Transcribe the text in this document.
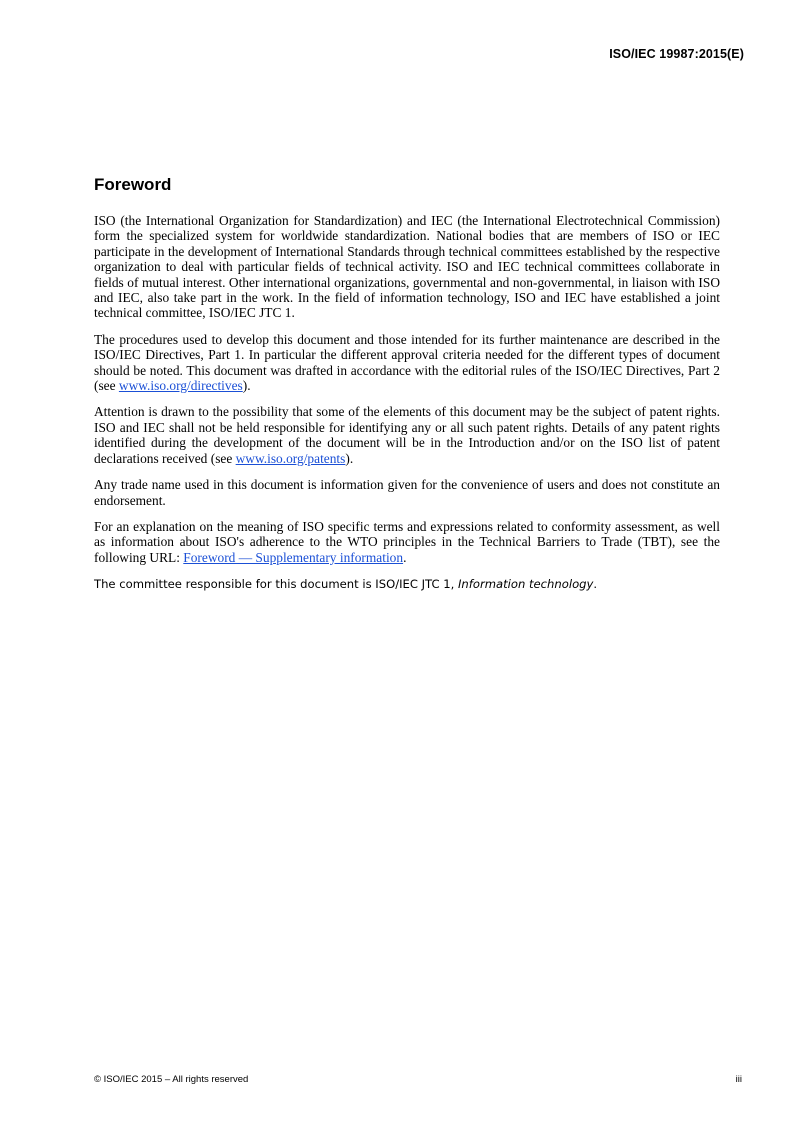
ISO/IEC 19987:2015(E)
Foreword

ISO (the International Organization for Standardization) and IEC (the International Electrotechnical Commission) form the specialized system for worldwide standardization. National bodies that are members of ISO or IEC participate in the development of International Standards through technical committees established by the respective organization to deal with particular fields of technical activity. ISO and IEC technical committees collaborate in fields of mutual interest. Other international organizations, governmental and non-governmental, in liaison with ISO and IEC, also take part in the work. In the field of information technology, ISO and IEC have established a joint technical committee, ISO/IEC JTC 1.

The procedures used to develop this document and those intended for its further maintenance are described in the ISO/IEC Directives, Part 1. In particular the different approval criteria needed for the different types of document should be noted. This document was drafted in accordance with the editorial rules of the ISO/IEC Directives, Part 2 (see www.iso.org/directives).

Attention is drawn to the possibility that some of the elements of this document may be the subject of patent rights. ISO and IEC shall not be held responsible for identifying any or all such patent rights. Details of any patent rights identified during the development of the document will be in the Introduction and/or on the ISO list of patent declarations received (see www.iso.org/patents).

Any trade name used in this document is information given for the convenience of users and does not constitute an endorsement.

For an explanation on the meaning of ISO specific terms and expressions related to conformity assessment, as well as information about ISO's adherence to the WTO principles in the Technical Barriers to Trade (TBT), see the following URL: Foreword — Supplementary information.

The committee responsible for this document is ISO/IEC JTC 1, Information technology.

© ISO/IEC 2015 – All rights reserved	iii
